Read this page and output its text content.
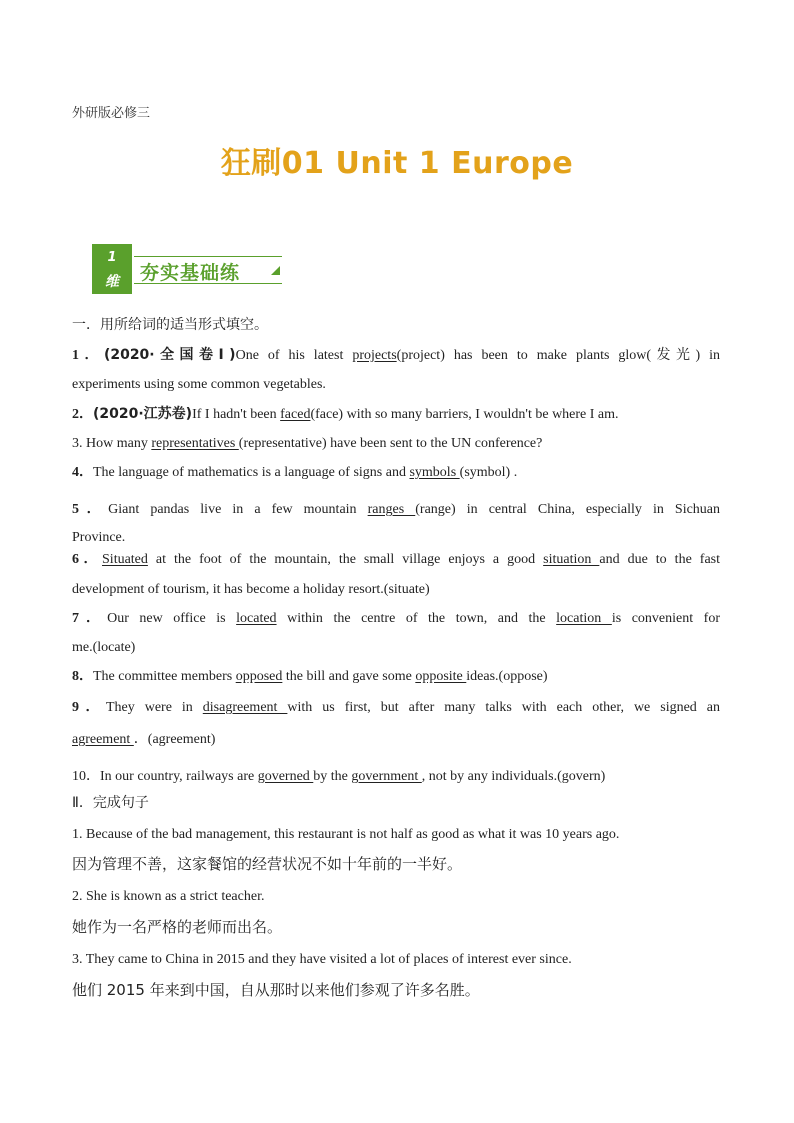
外研版必修三
狂刷01 Unit 1 Europe
1
维	夯实基础练
一．用所给词的适当形式填空。
1．(2020·全国卷Ⅰ)One of his latest projects(project) has been to make plants glow(发光) in
experiments using some common vegetables.
2．(2020·江苏卷)If I hadn't been faced(face) with so many barriers, I wouldn't be where I am.
3. How many representatives (representative) have been sent to the UN conference?
4．The language of mathematics is a language of signs and symbols (symbol) .
5．Giant pandas live in a few mountain ranges (range) in central China, especially in Sichuan
Province.
6．Situated at the foot of the mountain, the small village enjoys a good situation and due to the fast
development of tourism, it has become a holiday resort.(situate)
7．Our new office is located within the centre of the town, and the location is convenient for
me.(locate)
8．The committee members opposed the bill and gave some opposite ideas.(oppose)
9．They were in disagreement with us first, but after many talks with each other, we signed an
agreement ．(agreement)
10．In our country, railways are governed by the government , not by any individuals.(govern)
Ⅱ．完成句子
1. Because of the bad management, this restaurant is not half as good as what it was 10 years ago.
因为管理不善，这家餐馆的经营状况不如十年前的一半好。
2. She is known as a strict teacher.
她作为一名严格的老师而出名。
3. They came to China in 2015 and they have visited a lot of places of interest ever since.
他们 2015 年来到中国，自从那时以来他们参观了许多名胜。
